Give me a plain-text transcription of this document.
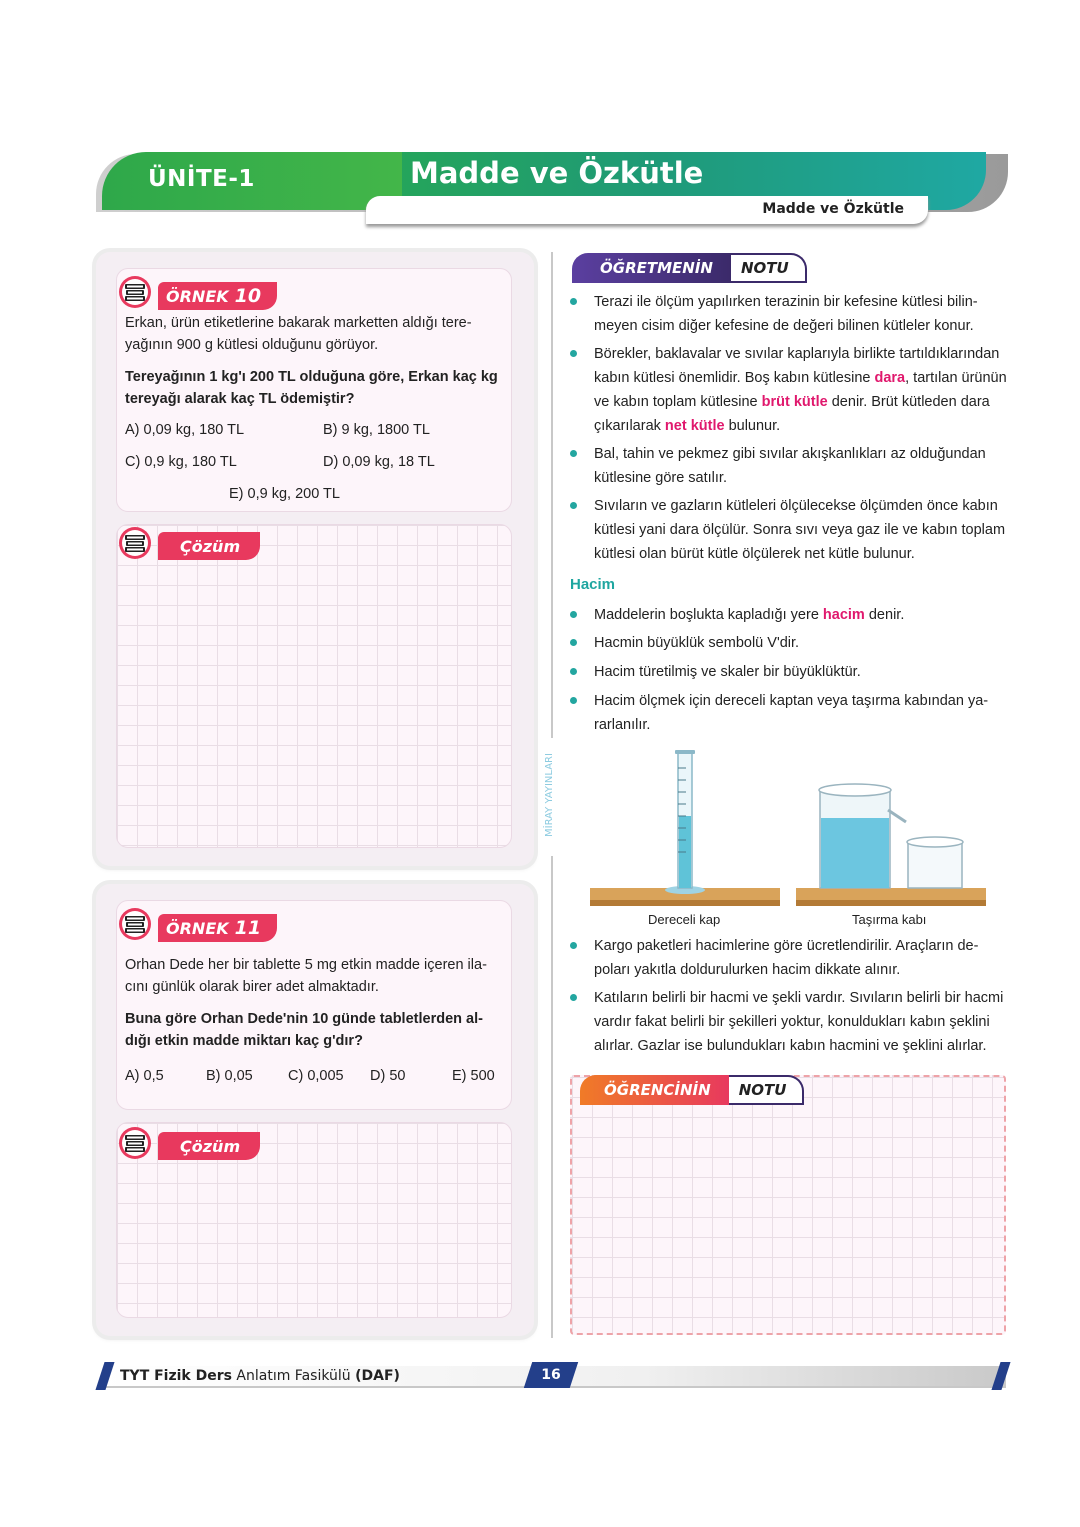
ÜNİTE-1	Madde ve Özkütle
Madde ve Özkütle
ÖRNEK 10
Erkan, ürün etiketlerine bakarak marketten aldığı tereyağının 900 g kütlesi olduğunu görüyor.
Tereyağının 1 kg'ı 200 TL olduğuna göre, Erkan kaç kg tereyağı alarak kaç TL ödemiştir?
A) 0,09 kg, 180 TL	B) 9 kg, 1800 TL
C) 0,9 kg, 180 TL	D) 0,09 kg, 18 TL
E) 0,9 kg, 200 TL
Çözüm
ÖRNEK 11
Orhan Dede her bir tablette 5 mg etkin madde içeren ilacını günlük olarak birer adet almaktadır.
Buna göre Orhan Dede'nin 10 günde tabletlerden aldığı etkin madde miktarı kaç g'dır?
A) 0,5	B) 0,05 C) 0,005 D) 50	E) 500
Çözüm
MİRAY YAYINLARI
ÖĞRETMENİN NOTU
Terazi ile ölçüm yapılırken terazinin bir kefesine kütlesi bilinmeyen cisim diğer kefesine de değeri bilinen kütleler konur.
Börekler, baklavalar ve sıvılar kaplarıyla birlikte tartıldıklarından kabın kütlesi önemlidir. Boş kabın kütlesine dara, tartılan ürünün ve kabın toplam kütlesine brüt kütle denir. Brüt kütleden dara çıkarılarak net kütle bulunur.
Bal, tahin ve pekmez gibi sıvılar akışkanlıkları az olduğundan kütlesine göre satılır.
Sıvıların ve gazların kütleleri ölçülecekse ölçümden önce kabın kütlesi yani dara ölçülür. Sonra sıvı veya gaz ile ve kabın toplam kütlesi olan bürüt kütle ölçülerek net kütle bulunur.
Hacim
Maddelerin boşlukta kapladığı yere hacim denir.
Hacmin büyüklük sembolü V'dir.
Hacim türetilmiş ve skaler bir büyüklüktür.
Hacim ölçmek için dereceli kaptan veya taşırma kabından yararlanılır.
Dereceli kap	Taşırma kabı
Kargo paketleri hacimlerine göre ücretlendirilir. Araçların depoları yakıtla doldurulurken hacim dikkate alınır.
Katıların belirli bir hacmi ve şekli vardır. Sıvıların belirli bir hacmi vardır fakat belirli bir şekilleri yoktur, konuldukları kabın şeklini alırlar. Gazlar ise bulundukları kabın hacmini ve şeklini alırlar.
ÖĞRENCİNİN NOTU
TYT Fizik Ders Anlatım Fasikülü (DAF)	16
